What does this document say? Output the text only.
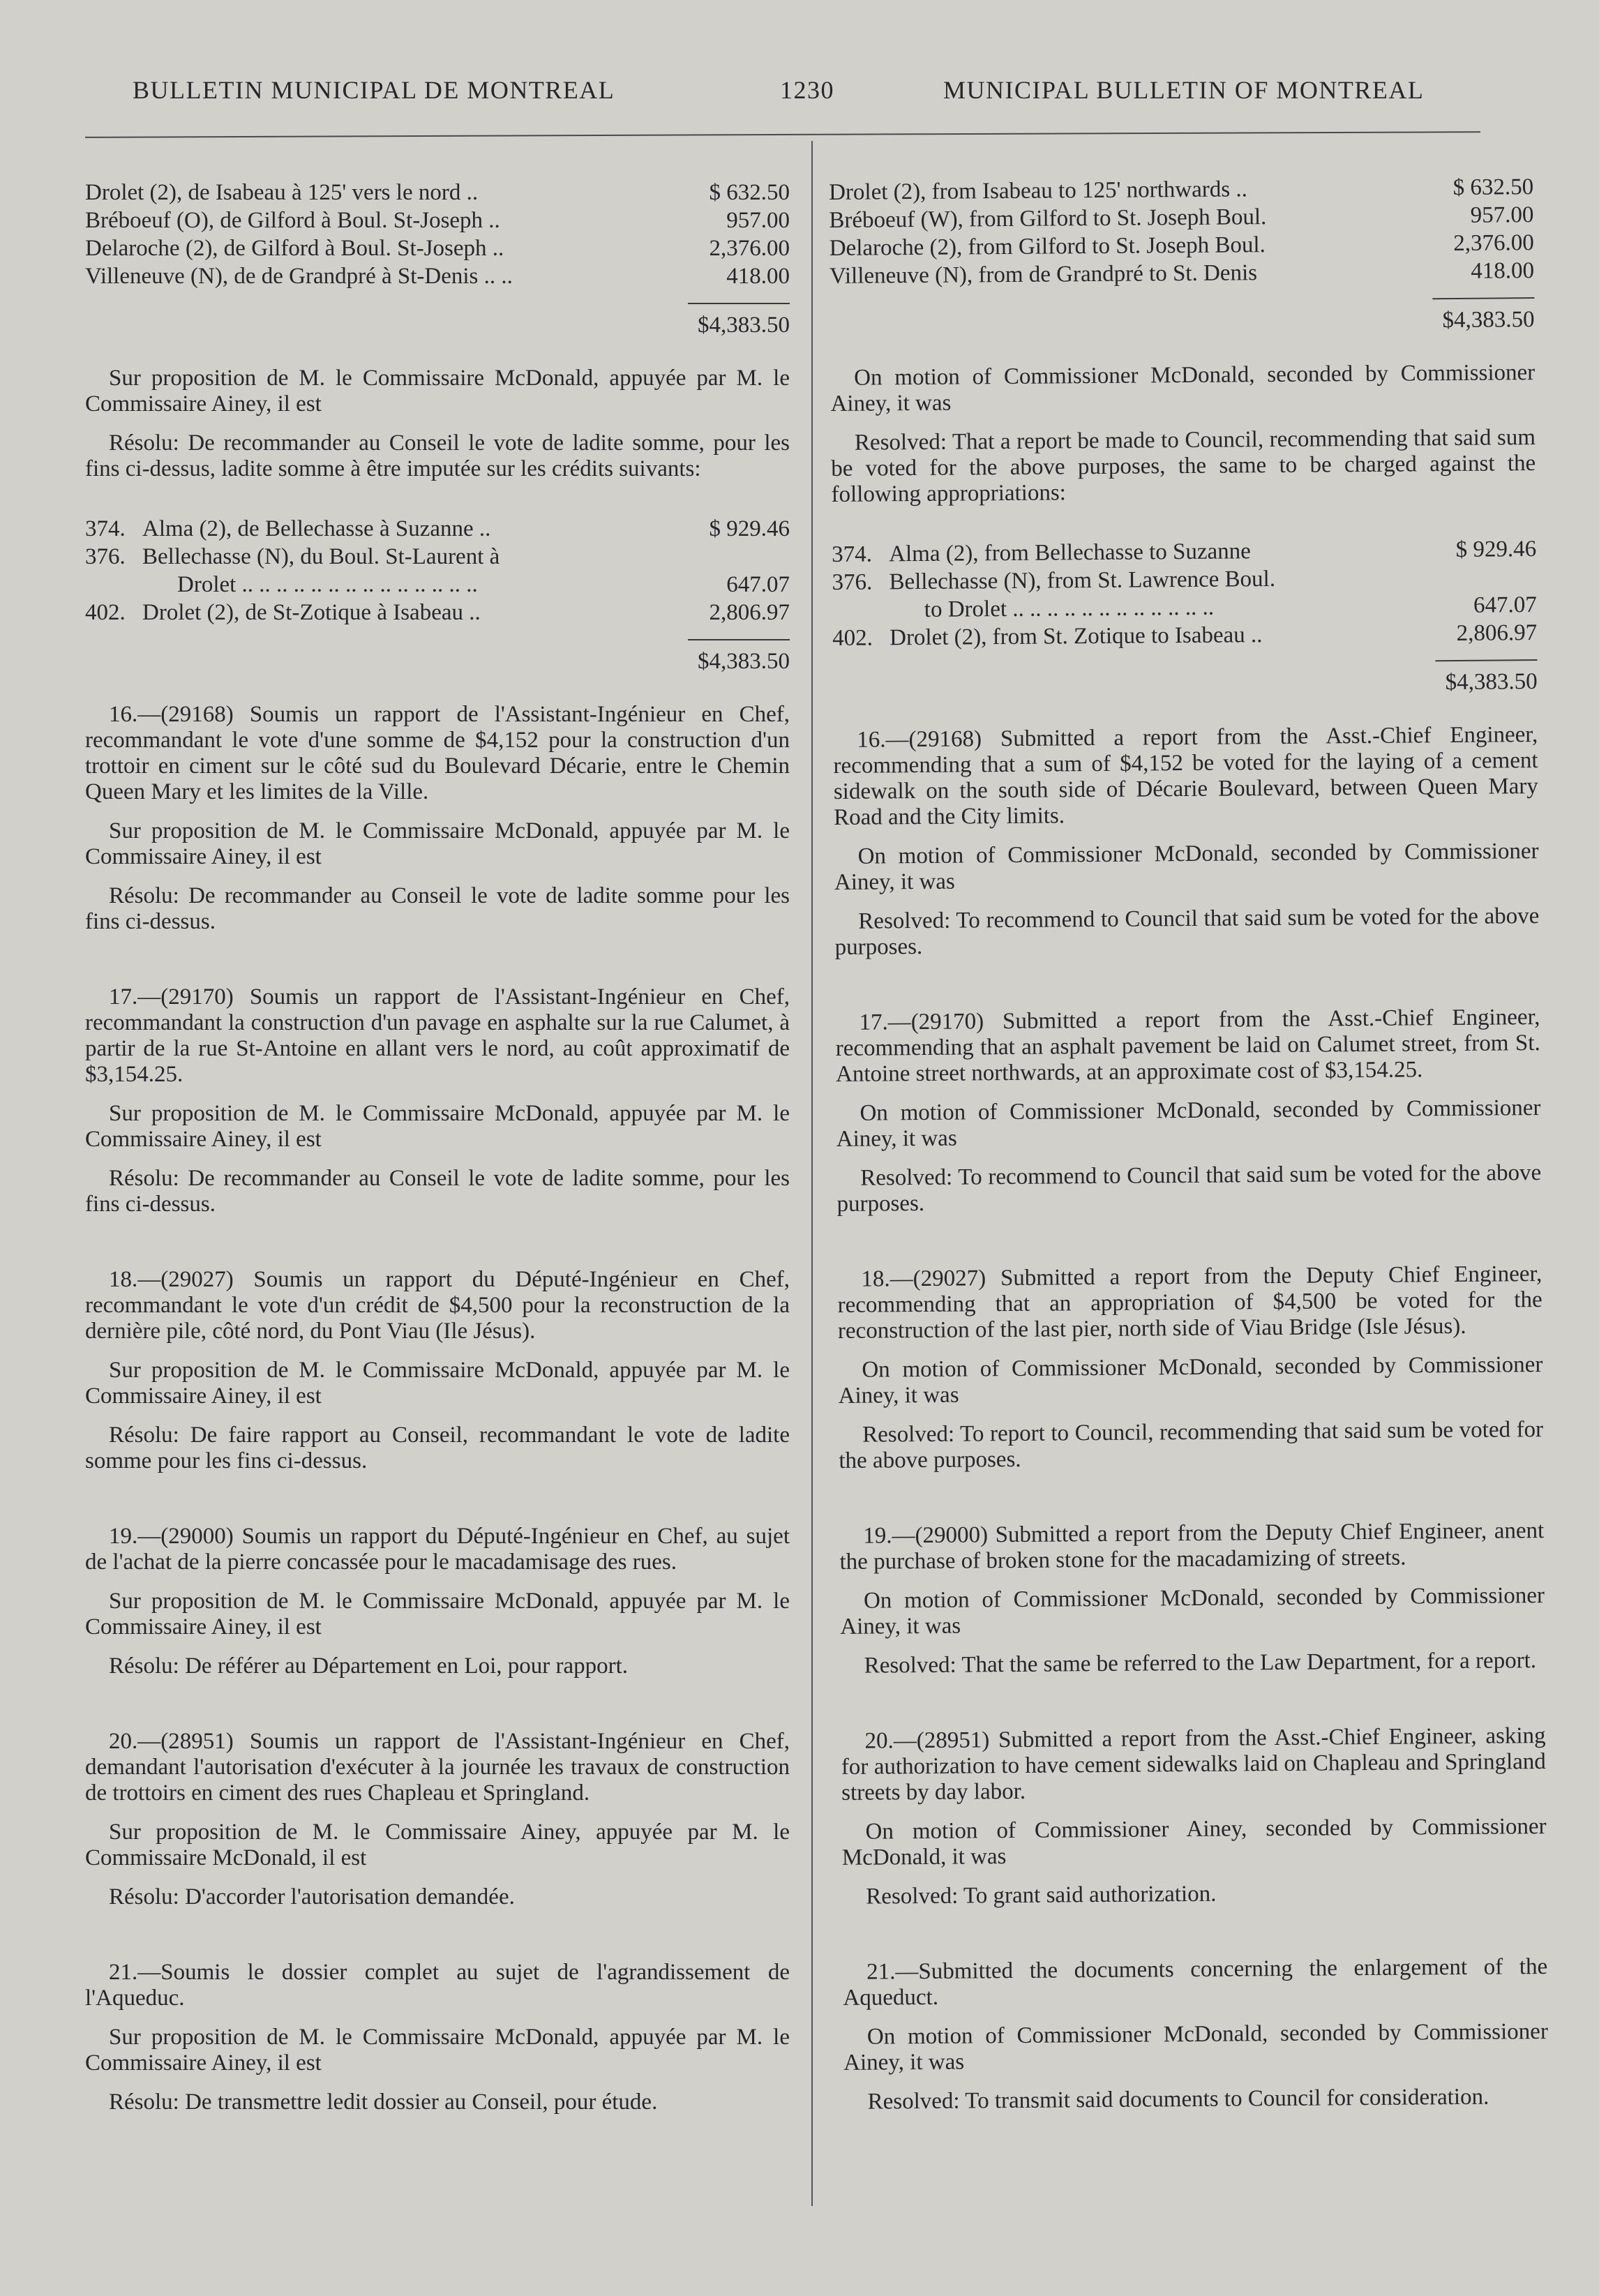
BULLETIN MUNICIPAL DE MONTREAL	1230	MUNICIPAL BULLETIN OF MONTREAL
Drolet (2), de Isabeau à 125' vers le nord ..	$ 632.50
Bréboeuf (O), de Gilford à Boul. St-Joseph ..	957.00
Delaroche (2), de Gilford à Boul. St-Joseph ..	2,376.00
Villeneuve (N), de de Grandpré à St-Denis .. ..	418.00
$4,383.50

Sur proposition de M. le Commissaire McDonald, appuyée par M. le Commissaire Ainey, il est

Résolu: De recommander au Conseil le vote de ladite somme, pour les fins ci-dessus, ladite somme à être imputée sur les crédits suivants:

374. Alma (2), de Bellechasse à Suzanne ..	$ 929.46
376. Bellechasse (N), du Boul. St-Laurent à
Drolet .. .. .. .. .. .. .. .. .. .. .. .. .. ..	647.07
402. Drolet (2), de St-Zotique à Isabeau ..	2,806.97
$4,383.50

16.—(29168) Soumis un rapport de l'Assistant-Ingénieur en Chef, recommandant le vote d'une somme de $4,152 pour la construction d'un trottoir en ciment sur le côté sud du Boulevard Décarie, entre le Chemin Queen Mary et les limites de la Ville.

Sur proposition de M. le Commissaire McDonald, appuyée par M. le Commissaire Ainey, il est

Résolu: De recommander au Conseil le vote de ladite somme pour les fins ci-dessus.

17.—(29170) Soumis un rapport de l'Assistant-Ingénieur en Chef, recommandant la construction d'un pavage en asphalte sur la rue Calumet, à partir de la rue St-Antoine en allant vers le nord, au coût approximatif de $3,154.25.

Sur proposition de M. le Commissaire McDonald, appuyée par M. le Commissaire Ainey, il est

Résolu: De recommander au Conseil le vote de ladite somme, pour les fins ci-dessus.

18.—(29027) Soumis un rapport du Député-Ingénieur en Chef, recommandant le vote d'un crédit de $4,500 pour la reconstruction de la dernière pile, côté nord, du Pont Viau (Ile Jésus).

Sur proposition de M. le Commissaire McDonald, appuyée par M. le Commissaire Ainey, il est

Résolu: De faire rapport au Conseil, recommandant le vote de ladite somme pour les fins ci-dessus.

19.—(29000) Soumis un rapport du Député-Ingénieur en Chef, au sujet de l'achat de la pierre concassée pour le macadamisage des rues.

Sur proposition de M. le Commissaire McDonald, appuyée par M. le Commissaire Ainey, il est

Résolu: De référer au Département en Loi, pour rapport.

20.—(28951) Soumis un rapport de l'Assistant-Ingénieur en Chef, demandant l'autorisation d'exécuter à la journée les travaux de construction de trottoirs en ciment des rues Chapleau et Springland.

Sur proposition de M. le Commissaire Ainey, appuyée par M. le Commissaire McDonald, il est

Résolu: D'accorder l'autorisation demandée.

21.—Soumis le dossier complet au sujet de l'agrandissement de l'Aqueduc.

Sur proposition de M. le Commissaire McDonald, appuyée par M. le Commissaire Ainey, il est

Résolu: De transmettre ledit dossier au Conseil, pour étude.

Drolet (2), from Isabeau to 125' northwards ..	$ 632.50
Bréboeuf (W), from Gilford to St. Joseph Boul.	957.00
Delaroche (2), from Gilford to St. Joseph Boul.	2,376.00
Villeneuve (N), from de Grandpré to St. Denis	418.00
$4,383.50

On motion of Commissioner McDonald, seconded by Commissioner Ainey, it was

Resolved: That a report be made to Council, recommending that said sum be voted for the above purposes, the same to be charged against the following appropriations:

374. Alma (2), from Bellechasse to Suzanne	$ 929.46
376. Bellechasse (N), from St. Lawrence Boul.
to Drolet .. .. .. .. .. .. .. .. .. .. .. ..	647.07
402. Drolet (2), from St. Zotique to Isabeau ..	2,806.97
$4,383.50

16.—(29168) Submitted a report from the Asst.-Chief Engineer, recommending that a sum of $4,152 be voted for the laying of a cement sidewalk on the south side of Décarie Boulevard, between Queen Mary Road and the City limits.

On motion of Commissioner McDonald, seconded by Commissioner Ainey, it was

Resolved: To recommend to Council that said sum be voted for the above purposes.

17.—(29170) Submitted a report from the Asst.-Chief Engineer, recommending that an asphalt pavement be laid on Calumet street, from St. Antoine street northwards, at an approximate cost of $3,154.25.

On motion of Commissioner McDonald, seconded by Commissioner Ainey, it was

Resolved: To recommend to Council that said sum be voted for the above purposes.

18.—(29027) Submitted a report from the Deputy Chief Engineer, recommending that an appropriation of $4,500 be voted for the reconstruction of the last pier, north side of Viau Bridge (Isle Jésus).

On motion of Commissioner McDonald, seconded by Commissioner Ainey, it was

Resolved: To report to Council, recommending that said sum be voted for the above purposes.

19.—(29000) Submitted a report from the Deputy Chief Engineer, anent the purchase of broken stone for the macadamizing of streets.

On motion of Commissioner McDonald, seconded by Commissioner Ainey, it was

Resolved: That the same be referred to the Law Department, for a report.

20.—(28951) Submitted a report from the Asst.-Chief Engineer, asking for authorization to have cement sidewalks laid on Chapleau and Springland streets by day labor.

On motion of Commissioner Ainey, seconded by Commissioner McDonald, it was

Resolved: To grant said authorization.

21.—Submitted the documents concerning the enlargement of the Aqueduct.

On motion of Commissioner McDonald, seconded by Commissioner Ainey, it was

Resolved: To transmit said documents to Council for consideration.
